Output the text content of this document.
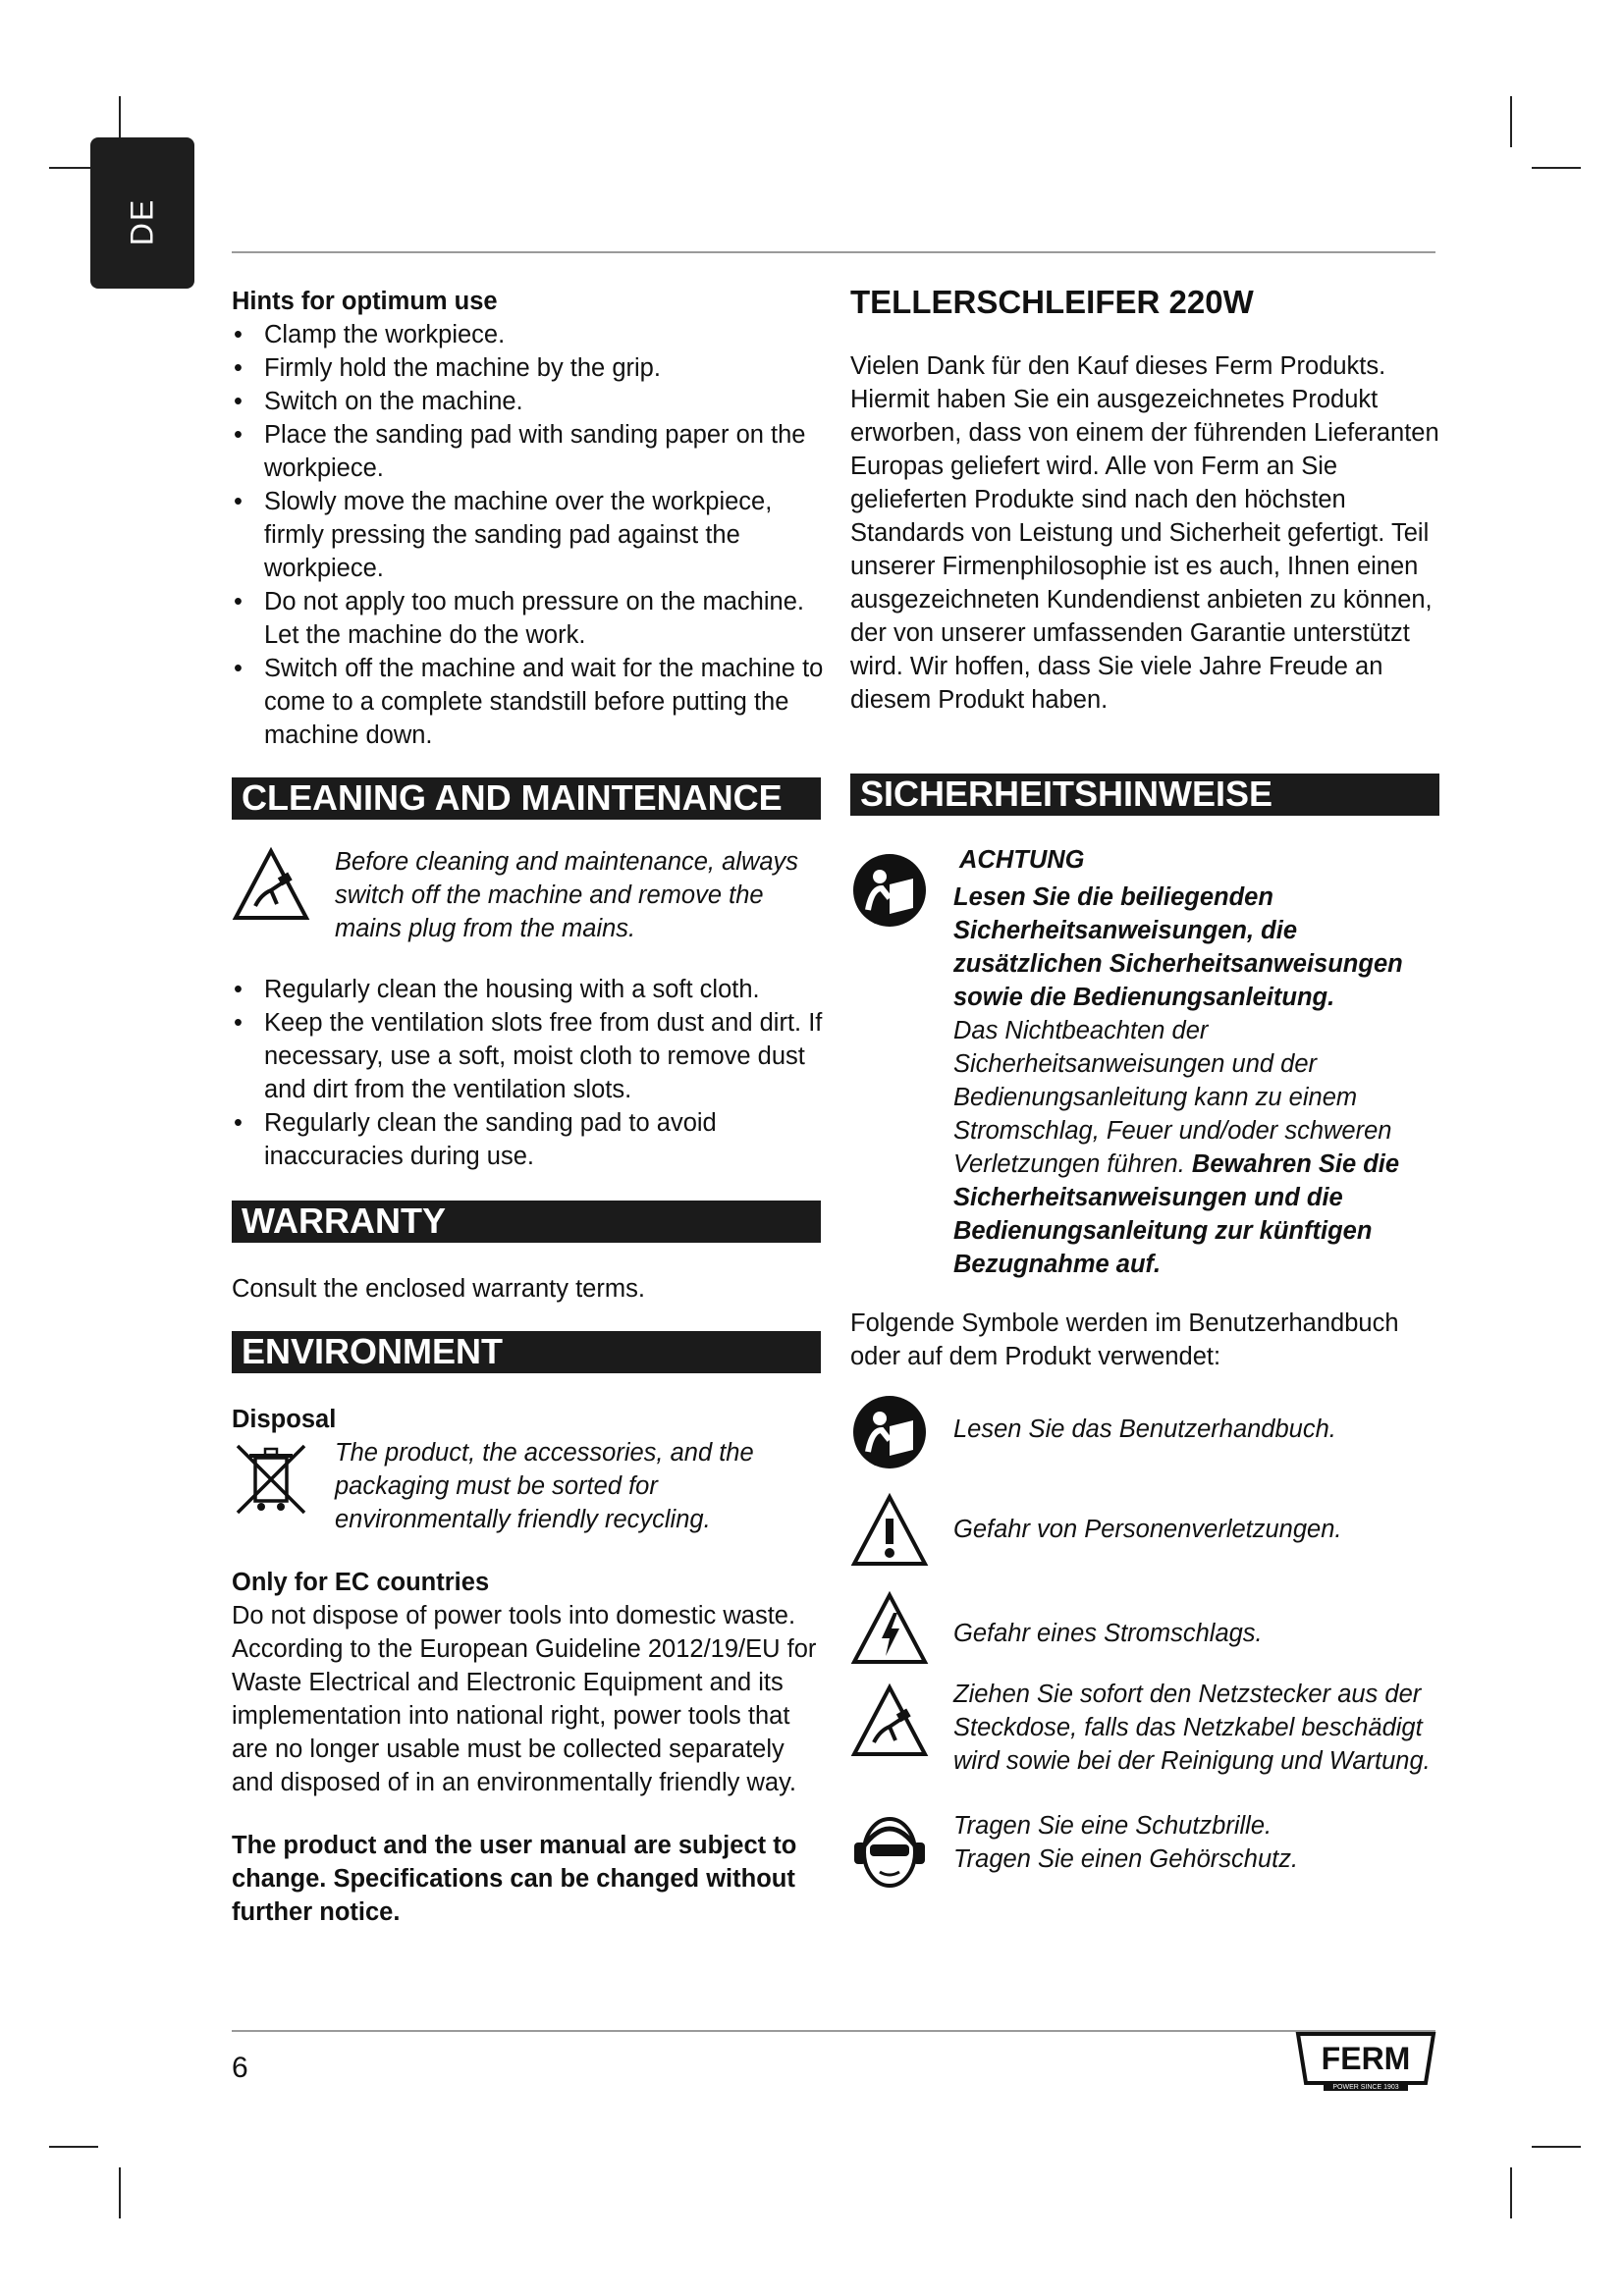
DE

Hints for optimum use

• Clamp the workpiece.
• Firmly hold the machine by the grip.
• Switch on the machine.
• Place the sanding pad with sanding paper on the workpiece.
• Slowly move the machine over the workpiece, firmly pressing the sanding pad against the workpiece.
• Do not apply too much pressure on the machine. Let the machine do the work.
• Switch off the machine and wait for the machine to come to a complete standstill before putting the machine down.
CLEANING AND MAINTENANCE

Before cleaning and maintenance, always switch off the machine and remove the mains plug from the mains.

• Regularly clean the housing with a soft cloth.
• Keep the ventilation slots free from dust and dirt. If necessary, use a soft, moist cloth to remove dust and dirt from the ventilation slots.
• Regularly clean the sanding pad to avoid inaccuracies during use.
WARRANTY

Consult the enclosed warranty terms.

ENVIRONMENT

Disposal

The product, the accessories, and the packaging must be sorted for environmentally friendly recycling.

Only for EC countries

Do not dispose of power tools into domestic waste. According to the European Guideline 2012/19/EU for Waste Electrical and Electronic Equipment and its implementation into national right, power tools that are no longer usable must be collected separately and disposed of in an environmentally friendly way.

The product and the user manual are subject to change. Specifications can be changed without further notice.

TELLERSCHLEIFER 220W

Vielen Dank für den Kauf dieses Ferm Produkts. Hiermit haben Sie ein ausgezeichnetes Produkt erworben, dass von einem der führenden Lieferanten Europas geliefert wird. Alle von Ferm an Sie gelieferten Produkte sind nach den höchsten Standards von Leistung und Sicherheit gefertigt. Teil unserer Firmenphilosophie ist es auch, Ihnen einen ausgezeichneten Kundendienst anbieten zu können, der von unserer umfassenden Garantie unterstützt wird. Wir hoffen, dass Sie viele Jahre Freude an diesem Produkt haben.

SICHERHEITSHINWEISE

ACHTUNG

Lesen Sie die beiliegenden Sicherheitsanweisungen, die zusätzlichen Sicherheitsanweisungen sowie die Bedienungsanleitung.

Das Nichtbeachten der Sicherheitsanweisungen und der Bedienungsanleitung kann zu einem Stromschlag, Feuer und/oder schweren Verletzungen führen. Bewahren Sie die Sicherheitsanweisungen und die Bedienungsanleitung zur künftigen Bezugnahme auf.

Folgende Symbole werden im Benutzerhandbuch oder auf dem Produkt verwendet:

Lesen Sie das Benutzerhandbuch.

Gefahr von Personenverletzungen.

Gefahr eines Stromschlags.

Ziehen Sie sofort den Netzstecker aus der Steckdose, falls das Netzkabel beschädigt wird sowie bei der Reinigung und Wartung.

Tragen Sie eine Schutzbrille.

Tragen Sie einen Gehörschutz.

6	FERM
POWER SINCE 1903
